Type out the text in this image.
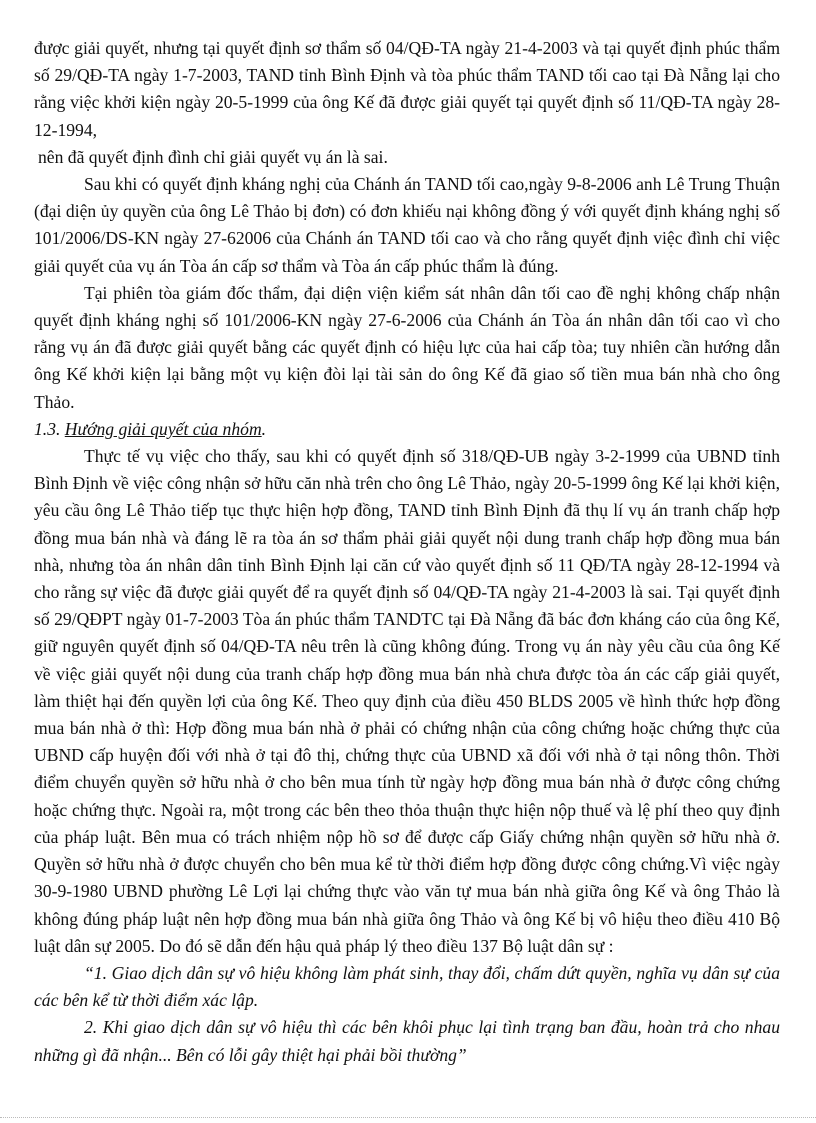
được giải quyết, nhưng tại quyết định sơ thẩm số 04/QĐ-TA ngày 21-4-2003 và tại quyết định phúc thẩm số 29/QĐ-TA ngày 1-7-2003, TAND tỉnh Bình Định và tòa phúc thẩm TAND tối cao tại Đà Nẵng lại cho rằng việc khởi kiện ngày 20-5-1999 của ông Kế đã được giải quyết tại quyết định số 11/QĐ-TA ngày 28-12-1994,

nên đã quyết định đình chỉ giải quyết vụ án là sai.

Sau khi có quyết định kháng nghị của Chánh án TAND tối cao,ngày 9-8-2006 anh Lê Trung Thuận (đại diện ủy quyền của ông Lê Thảo bị đơn) có đơn khiếu nại không đồng ý với quyết định kháng nghị số 101/2006/DS-KN ngày 27-62006 của Chánh án TAND tối cao và cho rằng quyết định việc đình chỉ việc giải quyết của vụ án Tòa án cấp sơ thẩm và Tòa án cấp phúc thẩm là đúng.

Tại phiên tòa giám đốc thẩm, đại diện viện kiểm sát nhân dân tối cao đề nghị không chấp nhận quyết định kháng nghị số 101/2006-KN ngày 27-6-2006 của Chánh án Tòa án nhân dân tối cao vì cho rằng vụ án đã được giải quyết bằng các quyết định có hiệu lực của hai cấp tòa; tuy nhiên cần hướng dẫn ông Kế khởi kiện lại bằng một vụ kiện đòi lại tài sản do ông Kế đã giao số tiền mua bán nhà cho ông Thảo.

1.3. Hướng giải quyết của nhóm.

Thực tế vụ việc cho thấy, sau khi có quyết định số 318/QĐ-UB ngày 3-2-1999 của UBND tỉnh Bình Định về việc công nhận sở hữu căn nhà trên cho ông Lê Thảo, ngày 20-5-1999 ông Kế lại khởi kiện, yêu cầu ông Lê Thảo tiếp tục thực hiện hợp đồng, TAND tỉnh Bình Định đã thụ lí vụ án tranh chấp hợp đồng mua bán nhà và đáng lẽ ra tòa án sơ thẩm phải giải quyết nội dung tranh chấp hợp đồng mua bán nhà, nhưng tòa án nhân dân tỉnh Bình Định lại căn cứ vào quyết định số 11 QĐ/TA ngày 28-12-1994 và cho rằng sự việc đã được giải quyết để ra quyết định số 04/QĐ-TA ngày 21-4-2003 là sai. Tại quyết định số 29/QĐPT ngày 01-7-2003 Tòa án phúc thẩm TANDTC tại Đà Nẵng đã bác đơn kháng cáo của ông Kế, giữ nguyên quyết định số 04/QĐ-TA nêu trên là cũng không đúng. Trong vụ án này yêu cầu của ông Kế về việc giải quyết nội dung của tranh chấp hợp đồng mua bán nhà chưa được tòa án các cấp giải quyết, làm thiệt hại đến quyền lợi của ông Kế. Theo quy định của điều 450 BLDS 2005 về hình thức hợp đồng mua bán nhà ở thì: Hợp đồng mua bán nhà ở phải có chứng nhận của công chứng hoặc chứng thực của UBND cấp huyện đối với nhà ở tại đô thị, chứng thực của UBND xã đối với nhà ở tại nông thôn. Thời điểm chuyển quyền sở hữu nhà ở cho bên mua tính từ ngày hợp đồng mua bán nhà ở được công chứng hoặc chứng thực. Ngoài ra, một trong các bên theo thỏa thuận thực hiện nộp thuế và lệ phí theo quy định của pháp luật. Bên mua có trách nhiệm nộp hồ sơ để được cấp Giấy chứng nhận quyền sở hữu nhà ở. Quyền sở hữu nhà ở được chuyển cho bên mua kể từ thời điểm hợp đồng được công chứng.Vì việc ngày 30-9-1980 UBND phường Lê Lợi lại chứng thực vào văn tự mua bán nhà giữa ông Kế và ông Thảo là không đúng pháp luật nên hợp đồng mua bán nhà giữa ông Thảo và ông Kế bị vô hiệu theo điều 410 Bộ luật dân sự 2005. Do đó sẽ dẫn đến hậu quả pháp lý theo điều 137 Bộ luật dân sự :

“1. Giao dịch dân sự vô hiệu không làm phát sinh, thay đổi, chấm dứt quyền, nghĩa vụ dân sự của các bên kể từ thời điểm xác lập.

2. Khi giao dịch dân sự vô hiệu thì các bên khôi phục lại tình trạng ban đầu, hoàn trả cho nhau những gì đã nhận... Bên có lỗi gây thiệt hại phải bồi thường”
